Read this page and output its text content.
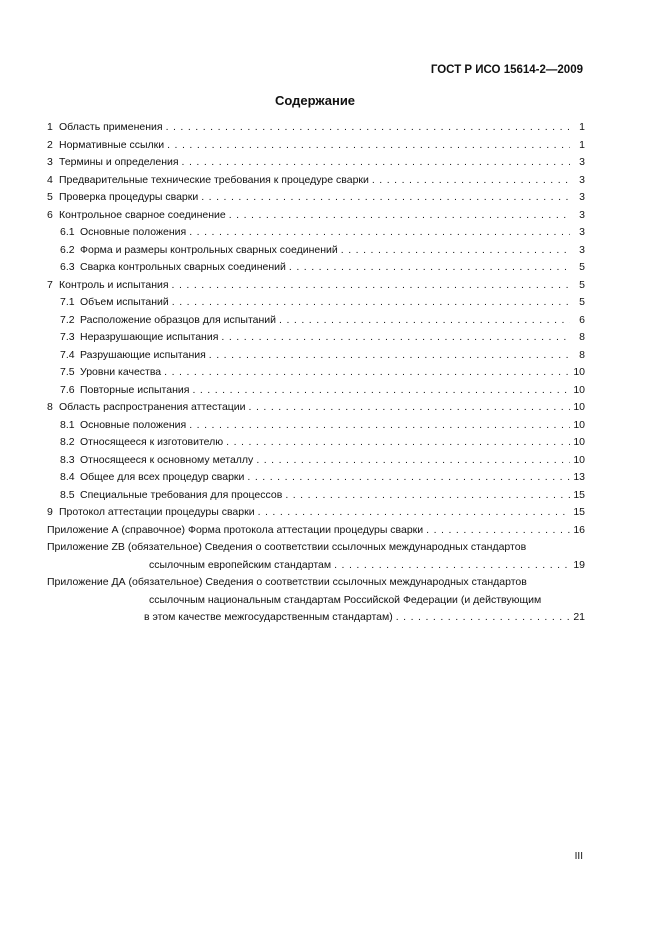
ГОСТ Р ИСО 15614-2—2009
Содержание
1 Область применения . . .	1
2 Нормативные ссылки . . .	1
3 Термины и определения . . .	3
4 Предварительные технические требования к процедуре сварки . . .	3
5 Проверка процедуры сварки . . .	3
6 Контрольное сварное соединение . . .	3
6.1 Основные положения . . .	3
6.2 Форма и размеры контрольных сварных соединений . . .	3
6.3 Сварка контрольных сварных соединений . . .	5
7 Контроль и испытания . . .	5
7.1 Объем испытаний . . .	5
7.2 Расположение образцов для испытаний . . .	6
7.3 Неразрушающие испытания . . .	8
7.4 Разрушающие испытания . . .	8
7.5 Уровни качества . . .	10
7.6 Повторные испытания . . .	10
8 Область распространения аттестации . . .	10
8.1 Основные положения . . .	10
8.2 Относящееся к изготовителю . . .	10
8.3 Относящееся к основному металлу . . .	10
8.4 Общее для всех процедур сварки . . .	13
8.5 Специальные требования для процессов . . .	15
9 Протокол аттестации процедуры сварки . . .	15
Приложение А (справочное) Форма протокола аттестации процедуры сварки . . .	16
Приложение ZB (обязательное) Сведения о соответствии ссылочных международных стандартов
ссылочным европейским стандартам . . .	19
Приложение ДА (обязательное) Сведения о соответствии ссылочных международных стандартов
ссылочным национальным стандартам Российской Федерации (и действующим
в этом качестве межгосударственным стандартам) . . .	21
III
